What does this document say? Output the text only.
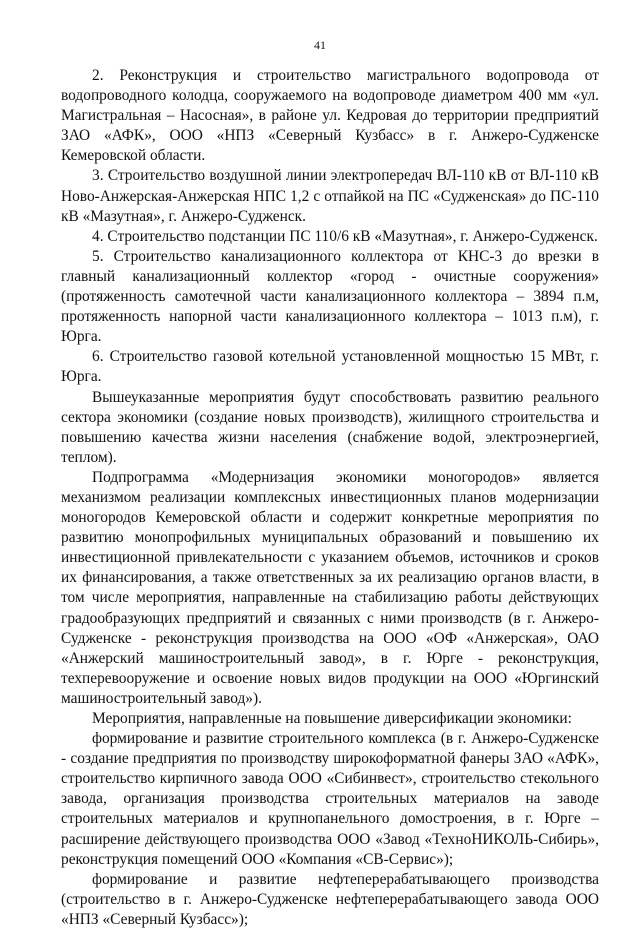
41

2. Реконструкция и строительство магистрального водопровода от водопроводного колодца, сооружаемого на водопроводе диаметром 400 мм «ул. Магистральная – Насосная», в районе ул. Кедровая до территории предприятий ЗАО «АФК», ООО «НПЗ «Северный Кузбасс» в г. Анжеро-Судженске Кемеровской области.

3. Строительство воздушной линии электропередач ВЛ-110 кВ от ВЛ-110 кВ Ново-Анжерская-Анжерская НПС 1,2 с отпайкой на ПС «Судженская» до ПС-110 кВ «Мазутная», г. Анжеро-Судженск.

4. Строительство подстанции ПС 110/6 кВ «Мазутная», г. Анжеро-Судженск.

5. Строительство канализационного коллектора от КНС-3 до врезки в главный канализационный коллектор «город - очистные сооружения» (протяженность самотечной части канализационного коллектора – 3894 п.м, протяженность напорной части канализационного коллектора – 1013 п.м), г. Юрга.

6. Строительство газовой котельной установленной мощностью 15 МВт, г. Юрга.

Вышеуказанные мероприятия будут способствовать развитию реального сектора экономики (создание новых производств), жилищного строительства и повышению качества жизни населения (снабжение водой, электроэнергией, теплом).

Подпрограмма «Модернизация экономики моногородов» является механизмом реализации комплексных инвестиционных планов модернизации моногородов Кемеровской области и содержит конкретные мероприятия по развитию монопрофильных муниципальных образований и повышению их инвестиционной привлекательности с указанием объемов, источников и сроков их финансирования, а также ответственных за их реализацию органов власти, в том числе мероприятия, направленные на стабилизацию работы действующих градообразующих предприятий и связанных с ними производств (в г. Анжеро-Судженске - реконструкция производства на ООО «ОФ «Анжерская», ОАО «Анжерский машиностроительный завод», в г. Юрге - реконструкция, техперевооружение и освоение новых видов продукции на ООО «Юргинский машиностроительный завод»).

Мероприятия, направленные на повышение диверсификации экономики:

формирование и развитие строительного комплекса (в г. Анжеро-Судженске - создание предприятия по производству широкоформатной фанеры ЗАО «АФК», строительство кирпичного завода ООО «Сибинвест», строительство стекольного завода, организация производства строительных материалов на заводе строительных материалов и крупнопанельного домостроения, в г. Юрге – расширение действующего производства ООО «Завод «ТехноНИКОЛЬ-Сибирь», реконструкция помещений ООО «Компания «СВ-Сервис»);

формирование и развитие нефтеперерабатывающего производства (строительство в г. Анжеро-Судженске нефтеперерабатывающего завода ООО «НПЗ «Северный Кузбасс»);
